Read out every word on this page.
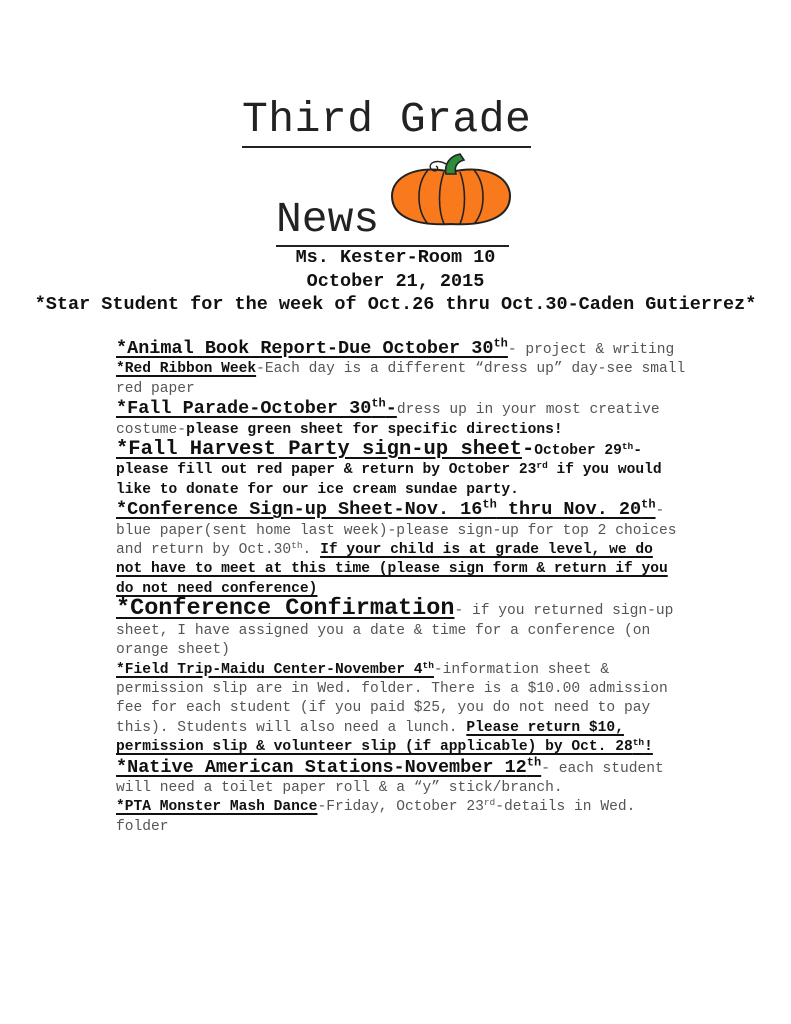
Third Grade
News
Ms. Kester-Room 10
October 21, 2015
*Star Student for the week of Oct.26 thru Oct.30-Caden Gutierrez*

*Animal Book Report-Due October 30th- project & writing

*Red Ribbon Week-Each day is a different “dress up” day-see small red paper

*Fall Parade-October 30th-dress up in your most creative costume-please green sheet for specific directions!

*Fall Harvest Party sign-up sheet-October 29th-please fill out red paper & return by October 23rd if you would like to donate for our ice cream sundae party.

*Conference Sign-up Sheet-Nov. 16th thru Nov. 20th-blue paper(sent home last week)-please sign-up for top 2 choices and return by Oct.30th. If your child is at grade level, we do not have to meet at this time (please sign form & return if you do not need conference)

*Conference Confirmation- if you returned sign-up sheet, I have assigned you a date & time for a conference (on orange sheet)

*Field Trip-Maidu Center-November 4th-information sheet & permission slip are in Wed. folder. There is a $10.00 admission fee for each student (if you paid $25, you do not need to pay this). Students will also need a lunch. Please return $10, permission slip & volunteer slip (if applicable) by Oct. 28th!

*Native American Stations-November 12th- each student will need a toilet paper roll & a “y” stick/branch.

*PTA Monster Mash Dance-Friday, October 23rd-details in Wed. folder
